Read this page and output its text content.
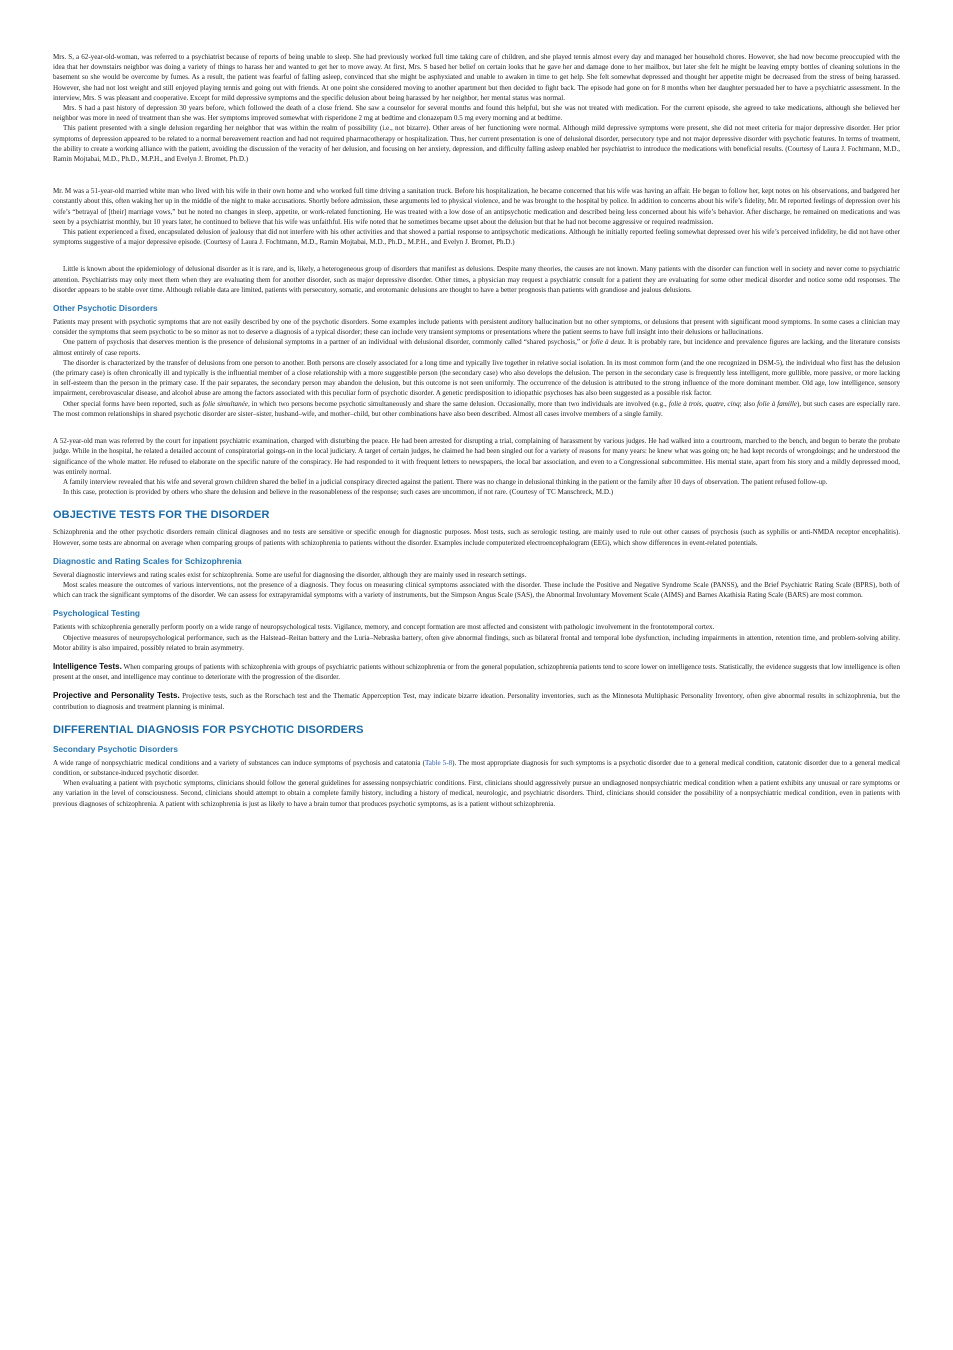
Mrs. S, a 62-year-old-woman, was referred to a psychiatrist because of reports of being unable to sleep. She had previously worked full time taking care of children, and she played tennis almost every day and managed her household chores. However, she had now become preoccupied with the idea that her downstairs neighbor was doing a variety of things to harass her and wanted to get her to move away. At first, Mrs. S based her belief on certain looks that he gave her and damage done to her mailbox, but later she felt he might be leaving empty bottles of cleaning solutions in the basement so she would be overcome by fumes. As a result, the patient was fearful of falling asleep, convinced that she might be asphyxiated and unable to awaken in time to get help. She felt somewhat depressed and thought her appetite might be decreased from the stress of being harassed. However, she had not lost weight and still enjoyed playing tennis and going out with friends. At one point she considered moving to another apartment but then decided to fight back. The episode had gone on for 8 months when her daughter persuaded her to have a psychiatric assessment. In the interview, Mrs. S was pleasant and cooperative. Except for mild depressive symptoms and the specific delusion about being harassed by her neighbor, her mental status was normal.

Mrs. S had a past history of depression 30 years before, which followed the death of a close friend. She saw a counselor for several months and found this helpful, but she was not treated with medication. For the current episode, she agreed to take medications, although she believed her neighbor was more in need of treatment than she was. Her symptoms improved somewhat with risperidone 2 mg at bedtime and clonazepam 0.5 mg every morning and at bedtime.

This patient presented with a single delusion regarding her neighbor that was within the realm of possibility (i.e., not bizarre). Other areas of her functioning were normal. Although mild depressive symptoms were present, she did not meet criteria for major depressive disorder. Her prior symptoms of depression appeared to be related to a normal bereavement reaction and had not required pharmacotherapy or hospitalization. Thus, her current presentation is one of delusional disorder, persecutory type and not major depressive disorder with psychotic features. In terms of treatment, the ability to create a working alliance with the patient, avoiding the discussion of the veracity of her delusion, and focusing on her anxiety, depression, and difficulty falling asleep enabled her psychiatrist to introduce the medications with beneficial results. (Courtesy of Laura J. Fochtmann, M.D., Ramin Mojtabai, M.D., Ph.D., M.P.H., and Evelyn J. Bromet, Ph.D.)

Mr. M was a 51-year-old married white man who lived with his wife in their own home and who worked full time driving a sanitation truck. Before his hospitalization, he became concerned that his wife was having an affair. He began to follow her, kept notes on his observations, and badgered her constantly about this, often waking her up in the middle of the night to make accusations. Shortly before admission, these arguments led to physical violence, and he was brought to the hospital by police. In addition to concerns about his wife’s fidelity, Mr. M reported feelings of depression over his wife’s “betrayal of [their] marriage vows,” but he noted no changes in sleep, appetite, or work-related functioning. He was treated with a low dose of an antipsychotic medication and described being less concerned about his wife’s behavior. After discharge, he remained on medications and was seen by a psychiatrist monthly, but 10 years later, he continued to believe that his wife was unfaithful. His wife noted that he sometimes became upset about the delusion but that he had not become aggressive or required readmission.

This patient experienced a fixed, encapsulated delusion of jealousy that did not interfere with his other activities and that showed a partial response to antipsychotic medications. Although he initially reported feeling somewhat depressed over his wife’s perceived infidelity, he did not have other symptoms suggestive of a major depressive episode. (Courtesy of Laura J. Fochtmann, M.D., Ramin Mojtabai, M.D., Ph.D., M.P.H., and Evelyn J. Bromet, Ph.D.)

Little is known about the epidemiology of delusional disorder as it is rare, and is, likely, a heterogeneous group of disorders that manifest as delusions. Despite many theories, the causes are not known. Many patients with the disorder can function well in society and never come to psychiatric attention. Psychiatrists may only meet them when they are evaluating them for another disorder, such as major depressive disorder. Other times, a physician may request a psychiatric consult for a patient they are evaluating for some other medical disorder and notice some odd responses. The disorder appears to be stable over time. Although reliable data are limited, patients with persecutory, somatic, and erotomanic delusions are thought to have a better prognosis than patients with grandiose and jealous delusions.

Other Psychotic Disorders

Patients may present with psychotic symptoms that are not easily described by one of the psychotic disorders. Some examples include patients with persistent auditory hallucination but no other symptoms, or delusions that present with significant mood symptoms. In some cases a clinician may consider the symptoms that seem psychotic to be so minor as not to deserve a diagnosis of a typical disorder; these can include very transient symptoms or presentations where the patient seems to have full insight into their delusions or hallucinations.

One pattern of psychosis that deserves mention is the presence of delusional symptoms in a partner of an individual with delusional disorder, commonly called “shared psychosis,” or folie à deux. It is probably rare, but incidence and prevalence figures are lacking, and the literature consists almost entirely of case reports.

The disorder is characterized by the transfer of delusions from one person to another. Both persons are closely associated for a long time and typically live together in relative social isolation. In its most common form (and the one recognized in DSM-5), the individual who first has the delusion (the primary case) is often chronically ill and typically is the influential member of a close relationship with a more suggestible person (the secondary case) who also develops the delusion. The person in the secondary case is frequently less intelligent, more gullible, more passive, or more lacking in self-esteem than the person in the primary case. If the pair separates, the secondary person may abandon the delusion, but this outcome is not seen uniformly. The occurrence of the delusion is attributed to the strong influence of the more dominant member. Old age, low intelligence, sensory impairment, cerebrovascular disease, and alcohol abuse are among the factors associated with this peculiar form of psychotic disorder. A genetic predisposition to idiopathic psychoses has also been suggested as a possible risk factor.

Other special forms have been reported, such as folie simultanée, in which two persons become psychotic simultaneously and share the same delusion. Occasionally, more than two individuals are involved (e.g., folie à trois, quatre, cinq; also folie à famille), but such cases are especially rare. The most common relationships in shared psychotic disorder are sister–sister, husband–wife, and mother–child, but other combinations have also been described. Almost all cases involve members of a single family.

A 52-year-old man was referred by the court for inpatient psychiatric examination, charged with disturbing the peace. He had been arrested for disrupting a trial, complaining of harassment by various judges. He had walked into a courtroom, marched to the bench, and begun to berate the probate judge. While in the hospital, he related a detailed account of conspiratorial goings-on in the local judiciary. A target of certain judges, he claimed he had been singled out for a variety of reasons for many years: he knew what was going on; he had kept records of wrongdoings; and he understood the significance of the whole matter. He refused to elaborate on the specific nature of the conspiracy. He had responded to it with frequent letters to newspapers, the local bar association, and even to a Congressional subcommittee. His mental state, apart from his story and a mildly depressed mood, was entirely normal.

A family interview revealed that his wife and several grown children shared the belief in a judicial conspiracy directed against the patient. There was no change in delusional thinking in the patient or the family after 10 days of observation. The patient refused follow-up.

In this case, protection is provided by others who share the delusion and believe in the reasonableness of the response; such cases are uncommon, if not rare. (Courtesy of TC Manschreck, M.D.)

OBJECTIVE TESTS FOR THE DISORDER

Schizophrenia and the other psychotic disorders remain clinical diagnoses and no tests are sensitive or specific enough for diagnostic purposes. Most tests, such as serologic testing, are mainly used to rule out other causes of psychosis (such as syphilis or anti-NMDA receptor encephalitis). However, some tests are abnormal on average when comparing groups of patients with schizophrenia to patients without the disorder. Examples include computerized electroencephalogram (EEG), which show differences in event-related potentials.

Diagnostic and Rating Scales for Schizophrenia

Several diagnostic interviews and rating scales exist for schizophrenia. Some are useful for diagnosing the disorder, although they are mainly used in research settings.

Most scales measure the outcomes of various interventions, not the presence of a diagnosis. They focus on measuring clinical symptoms associated with the disorder. These include the Positive and Negative Syndrome Scale (PANSS), and the Brief Psychiatric Rating Scale (BPRS), both of which can track the significant symptoms of the disorder. We can assess for extrapyramidal symptoms with a variety of instruments, but the Simpson Angus Scale (SAS), the Abnormal Involuntary Movement Scale (AIMS) and Barnes Akathisia Rating Scale (BARS) are most common.

Psychological Testing

Patients with schizophrenia generally perform poorly on a wide range of neuropsychological tests. Vigilance, memory, and concept formation are most affected and consistent with pathologic involvement in the frontotemporal cortex.

Objective measures of neuropsychological performance, such as the Halstead–Reitan battery and the Luria–Nebraska battery, often give abnormal findings, such as bilateral frontal and temporal lobe dysfunction, including impairments in attention, retention time, and problem-solving ability. Motor ability is also impaired, possibly related to brain asymmetry.

Intelligence Tests. When comparing groups of patients with schizophrenia with groups of psychiatric patients without schizophrenia or from the general population, schizophrenia patients tend to score lower on intelligence tests. Statistically, the evidence suggests that low intelligence is often present at the onset, and intelligence may continue to deteriorate with the progression of the disorder.

Projective and Personality Tests. Projective tests, such as the Rorschach test and the Thematic Apperception Test, may indicate bizarre ideation. Personality inventories, such as the Minnesota Multiphasic Personality Inventory, often give abnormal results in schizophrenia, but the contribution to diagnosis and treatment planning is minimal.

DIFFERENTIAL DIAGNOSIS FOR PSYCHOTIC DISORDERS
Secondary Psychotic Disorders

A wide range of nonpsychiatric medical conditions and a variety of substances can induce symptoms of psychosis and catatonia (Table 5-8). The most appropriate diagnosis for such symptoms is a psychotic disorder due to a general medical condition, catatonic disorder due to a general medical condition, or substance-induced psychotic disorder.

When evaluating a patient with psychotic symptoms, clinicians should follow the general guidelines for assessing nonpsychiatric conditions. First, clinicians should aggressively pursue an undiagnosed nonpsychiatric medical condition when a patient exhibits any unusual or rare symptoms or any variation in the level of consciousness. Second, clinicians should attempt to obtain a complete family history, including a history of medical, neurologic, and psychiatric disorders. Third, clinicians should consider the possibility of a nonpsychiatric medical condition, even in patients with previous diagnoses of schizophrenia. A patient with schizophrenia is just as likely to have a brain tumor that produces psychotic symptoms, as is a patient without schizophrenia.
